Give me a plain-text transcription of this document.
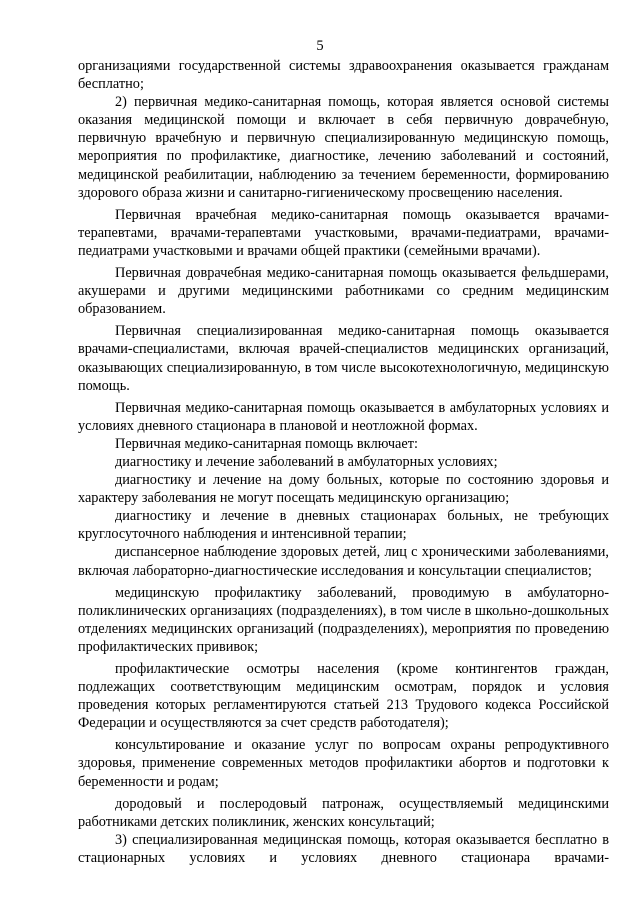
5

организациями государственной системы здравоохранения оказывается гражданам бесплатно;

2) первичная медико-санитарная помощь, которая является основой системы оказания медицинской помощи и включает в себя первичную доврачебную, первичную врачебную и первичную специализированную медицинскую помощь, мероприятия по профилактике, диагностике, лечению заболеваний и состояний, медицинской реабилитации, наблюдению за течением беременности, формированию здорового образа жизни и санитарно-гигиеническому просвещению населения.

Первичная врачебная медико-санитарная помощь оказывается врачами-терапевтами, врачами-терапевтами участковыми, врачами-педиатрами, врачами-педиатрами участковыми и врачами общей практики (семейными врачами).

Первичная доврачебная медико-санитарная помощь оказывается фельдшерами, акушерами и другими медицинскими работниками со средним медицинским образованием.

Первичная специализированная медико-санитарная помощь оказывается врачами-специалистами, включая врачей-специалистов медицинских организаций, оказывающих специализированную, в том числе высокотехнологичную, медицинскую помощь.

Первичная медико-санитарная помощь оказывается в амбулаторных условиях и условиях дневного стационара в плановой и неотложной формах.

Первичная медико-санитарная помощь включает:

диагностику и лечение заболеваний в амбулаторных условиях;

диагностику и лечение на дому больных, которые по состоянию здоровья и характеру заболевания не могут посещать медицинскую организацию;

диагностику и лечение в дневных стационарах больных, не требующих круглосуточного наблюдения и интенсивной терапии;

диспансерное наблюдение здоровых детей, лиц с хроническими заболеваниями, включая лабораторно-диагностические исследования и консультации специалистов;

медицинскую профилактику заболеваний, проводимую в амбулаторно-поликлинических организациях (подразделениях), в том числе в школьно-дошкольных отделениях медицинских организаций (подразделениях), мероприятия по проведению профилактических прививок;

профилактические осмотры населения (кроме контингентов граждан, подлежащих соответствующим медицинским осмотрам, порядок и условия проведения которых регламентируются статьей 213 Трудового кодекса Российской Федерации и осуществляются за счет средств работодателя);

консультирование и оказание услуг по вопросам охраны репродуктивного здоровья, применение современных методов профилактики абортов и подготовки к беременности и родам;

дородовый и послеродовый патронаж, осуществляемый медицинскими работниками детских поликлиник, женских консультаций;

3) специализированная медицинская помощь, которая оказывается бесплатно в стационарных условиях и условиях дневного стационара врачами-
